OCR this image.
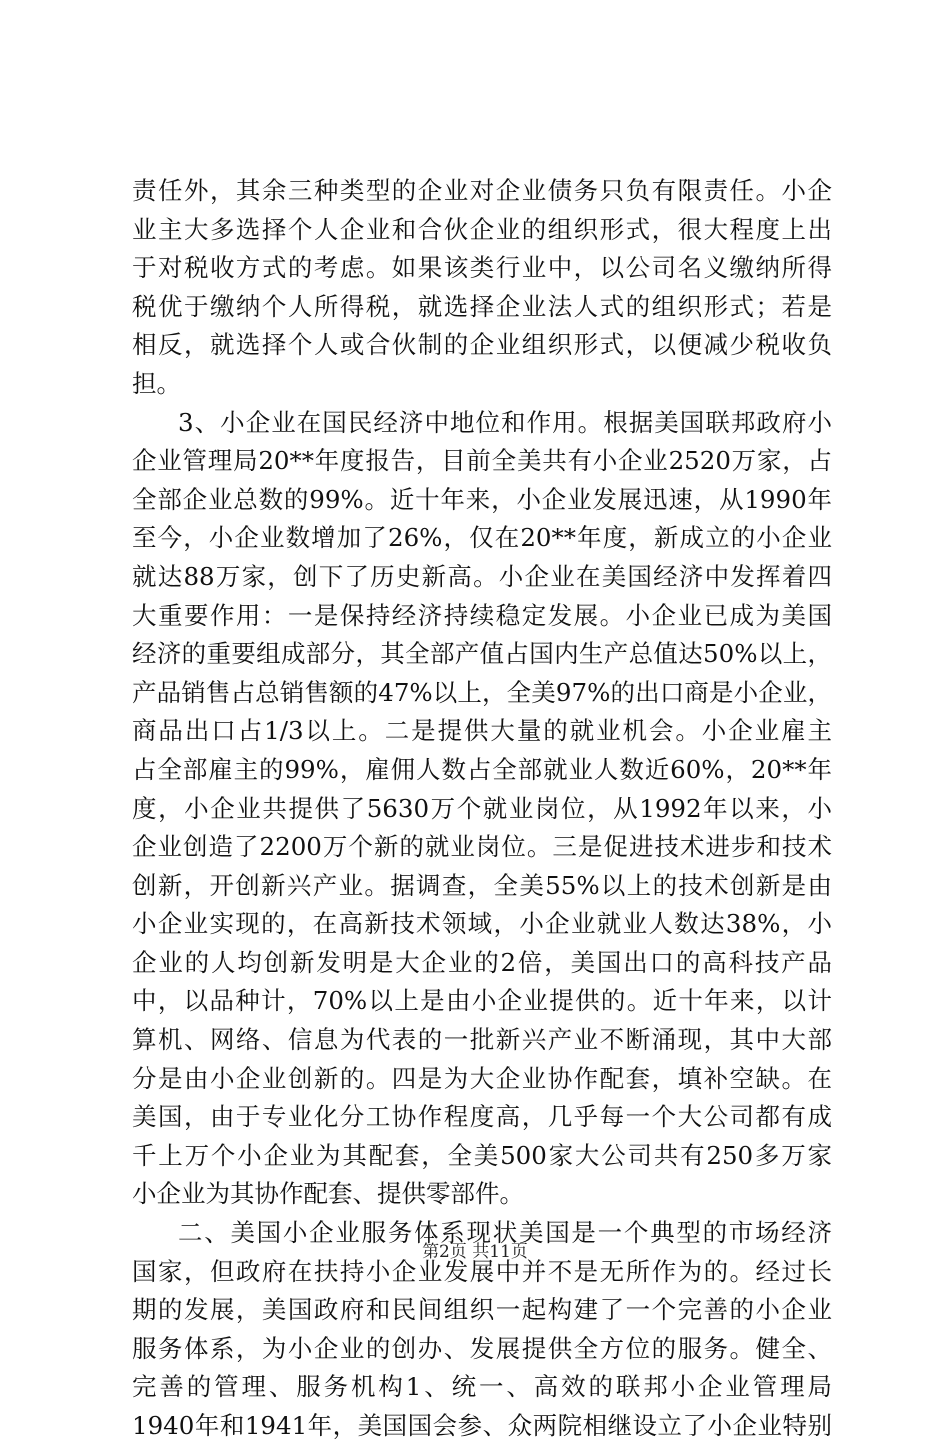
责任外，其余三种类型的企业对企业债务只负有限责任。小企
业主大多选择个人企业和合伙企业的组织形式，很大程度上出
于对税收方式的考虑。如果该类行业中，以公司名义缴纳所得
税优于缴纳个人所得税，就选择企业法人式的组织形式；若是
相反，就选择个人或合伙制的企业组织形式，以便减少税收负
担。
3、小企业在国民经济中地位和作用。根据美国联邦政府小
企业管理局20**年度报告，目前全美共有小企业2520万家，占
全部企业总数的99%。近十年来，小企业发展迅速，从1990年
至今，小企业数增加了26%，仅在20**年度，新成立的小企业
就达88万家，创下了历史新高。小企业在美国经济中发挥着四
大重要作用：一是保持经济持续稳定发展。小企业已成为美国
经济的重要组成部分，其全部产值占国内生产总值达50%以上，
产品销售占总销售额的47%以上，全美97%的出口商是小企业，
商品出口占1/3以上。二是提供大量的就业机会。小企业雇主
占全部雇主的99%，雇佣人数占全部就业人数近60%，20**年
度，小企业共提供了5630万个就业岗位，从1992年以来，小
企业创造了2200万个新的就业岗位。三是促进技术进步和技术
创新，开创新兴产业。据调查，全美55%以上的技术创新是由
小企业实现的，在高新技术领域，小企业就业人数达38%，小
企业的人均创新发明是大企业的2倍，美国出口的高科技产品
中，以品种计，70%以上是由小企业提供的。近十年来，以计
算机、网络、信息为代表的一批新兴产业不断涌现，其中大部
分是由小企业创新的。四是为大企业协作配套，填补空缺。在
美国，由于专业化分工协作程度高，几乎每一个大公司都有成
千上万个小企业为其配套，全美500家大公司共有250多万家
小企业为其协作配套、提供零部件。
二、美国小企业服务体系现状美国是一个典型的市场经济
国家，但政府在扶持小企业发展中并不是无所作为的。经过长
期的发展，美国政府和民间组织一起构建了一个完善的小企业
服务体系，为小企业的创办、发展提供全方位的服务。健全、
完善的管理、服务机构1、统一、高效的联邦小企业管理局
1940年和1941年，美国国会参、众两院相继设立了小企业特别
第2页 共11页
